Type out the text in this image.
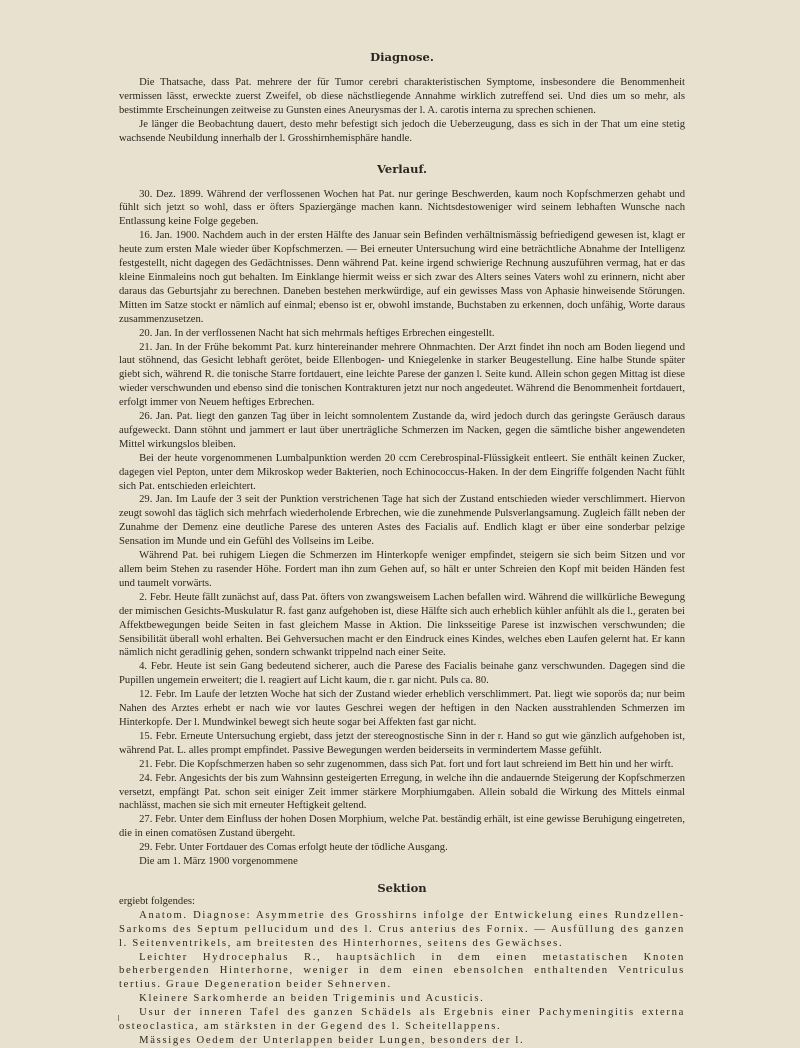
Diagnose.

Die Thatsache, dass Pat. mehrere der für Tumor cerebri charakteristischen Symptome, insbesondere die Benommenheit vermissen lässt, erweckte zuerst Zweifel, ob diese nächstliegende Annahme wirklich zutreffend sei. Und dies um so mehr, als bestimmte Erscheinungen zeitweise zu Gunsten eines Aneurysmas der l. A. carotis interna zu sprechen schienen.

Je länger die Beobachtung dauert, desto mehr befestigt sich jedoch die Ueberzeugung, dass es sich in der That um eine stetig wachsende Neubildung innerhalb der l. Grosshirnhemisphäre handle.

Verlauf.

30. Dez. 1899. Während der verflossenen Wochen hat Pat. nur geringe Beschwerden, kaum noch Kopfschmerzen gehabt und fühlt sich jetzt so wohl, dass er öfters Spaziergänge machen kann. Nichtsdestoweniger wird seinem lebhaften Wunsche nach Entlassung keine Folge gegeben.

16. Jan. 1900. Nachdem auch in der ersten Hälfte des Januar sein Befinden verhältnismässig befriedigend gewesen ist, klagt er heute zum ersten Male wieder über Kopfschmerzen. — Bei erneuter Untersuchung wird eine beträchtliche Abnahme der Intelligenz festgestellt, nicht dagegen des Gedächtnisses. Denn während Pat. keine irgend schwierige Rechnung auszuführen vermag, hat er das kleine Einmaleins noch gut behalten. Im Einklange hiermit weiss er sich zwar des Alters seines Vaters wohl zu erinnern, nicht aber daraus das Geburtsjahr zu berechnen. Daneben bestehen merkwürdige, auf ein gewisses Mass von Aphasie hinweisende Störungen. Mitten im Satze stockt er nämlich auf einmal; ebenso ist er, obwohl imstande, Buchstaben zu erkennen, doch unfähig, Worte daraus zusammenzusetzen.

20. Jan. In der verflossenen Nacht hat sich mehrmals heftiges Erbrechen eingestellt.

21. Jan. In der Frühe bekommt Pat. kurz hintereinander mehrere Ohnmachten. Der Arzt findet ihn noch am Boden liegend und laut stöhnend, das Gesicht lebhaft gerötet, beide Ellenbogen- und Kniegelenke in starker Beugestellung. Eine halbe Stunde später giebt sich, während R. die tonische Starre fortdauert, eine leichte Parese der ganzen l. Seite kund. Allein schon gegen Mittag ist diese wieder verschwunden und ebenso sind die tonischen Kontrakturen jetzt nur noch angedeutet. Während die Benommenheit fortdauert, erfolgt immer von Neuem heftiges Erbrechen.

26. Jan. Pat. liegt den ganzen Tag über in leicht somnolentem Zustande da, wird jedoch durch das geringste Geräusch daraus aufgeweckt. Dann stöhnt und jammert er laut über unerträgliche Schmerzen im Nacken, gegen die sämtliche bisher angewendeten Mittel wirkungslos bleiben.

Bei der heute vorgenommenen Lumbalpunktion werden 20 ccm Cerebrospinal-Flüssigkeit entleert. Sie enthält keinen Zucker, dagegen viel Pepton, unter dem Mikroskop weder Bakterien, noch Echinococcus-Haken. In der dem Eingriffe folgenden Nacht fühlt sich Pat. entschieden erleichtert.

29. Jan. Im Laufe der 3 seit der Punktion verstrichenen Tage hat sich der Zustand entschieden wieder verschlimmert. Hiervon zeugt sowohl das täglich sich mehrfach wiederholende Erbrechen, wie die zunehmende Pulsverlangsamung. Zugleich fällt neben der Zunahme der Demenz eine deutliche Parese des unteren Astes des Facialis auf. Endlich klagt er über eine sonderbar pelzige Sensation im Munde und ein Gefühl des Vollseins im Leibe.

Während Pat. bei ruhigem Liegen die Schmerzen im Hinterkopfe weniger empfindet, steigern sie sich beim Sitzen und vor allem beim Stehen zu rasender Höhe. Fordert man ihn zum Gehen auf, so hält er unter Schreien den Kopf mit beiden Händen fest und taumelt vorwärts.

2. Febr. Heute fällt zunächst auf, dass Pat. öfters von zwangsweisem Lachen befallen wird. Während die willkürliche Bewegung der mimischen Gesichts-Muskulatur R. fast ganz aufgehoben ist, diese Hälfte sich auch erheblich kühler anfühlt als die l., geraten bei Affektbewegungen beide Seiten in fast gleichem Masse in Aktion. Die linksseitige Parese ist inzwischen verschwunden; die Sensibilität überall wohl erhalten. Bei Gehversuchen macht er den Eindruck eines Kindes, welches eben Laufen gelernt hat. Er kann nämlich nicht geradlinig gehen, sondern schwankt trippelnd nach einer Seite.

4. Febr. Heute ist sein Gang bedeutend sicherer, auch die Parese des Facialis beinahe ganz verschwunden. Dagegen sind die Pupillen ungemein erweitert; die l. reagiert auf Licht kaum, die r. gar nicht. Puls ca. 80.

12. Febr. Im Laufe der letzten Woche hat sich der Zustand wieder erheblich verschlimmert. Pat. liegt wie soporös da; nur beim Nahen des Arztes erhebt er nach wie vor lautes Geschrei wegen der heftigen in den Nacken ausstrahlenden Schmerzen im Hinterkopfe. Der l. Mundwinkel bewegt sich heute sogar bei Affekten fast gar nicht.

15. Febr. Erneute Untersuchung ergiebt, dass jetzt der stereognostische Sinn in der r. Hand so gut wie gänzlich aufgehoben ist, während Pat. L. alles prompt empfindet. Passive Bewegungen werden beiderseits in vermindertem Masse gefühlt.

21. Febr. Die Kopfschmerzen haben so sehr zugenommen, dass sich Pat. fort und fort laut schreiend im Bett hin und her wirft.

24. Febr. Angesichts der bis zum Wahnsinn gesteigerten Erregung, in welche ihn die andauernde Steigerung der Kopfschmerzen versetzt, empfängt Pat. schon seit einiger Zeit immer stärkere Morphiumgaben. Allein sobald die Wirkung des Mittels einmal nachlässt, machen sie sich mit erneuter Heftigkeit geltend.

27. Febr. Unter dem Einfluss der hohen Dosen Morphium, welche Pat. beständig erhält, ist eine gewisse Beruhigung eingetreten, die in einen comatösen Zustand übergeht.

29. Febr. Unter Fortdauer des Comas erfolgt heute der tödliche Ausgang.

Die am 1. März 1900 vorgenommene

Sektion

ergiebt folgendes:

Anatom. Diagnose: Asymmetrie des Grosshirns infolge der Entwickelung eines Rundzellen-Sarkoms des Septum pellucidum und des l. Crus anterius des Fornix. — Ausfüllung des ganzen l. Seitenventrikels, am breitesten des Hinterhornes, seitens des Gewächses.

Leichter Hydrocephalus R., hauptsächlich in dem einen metastatischen Knoten beherbergenden Hinterhorne, weniger in dem einen ebensolchen enthaltenden Ventriculus tertius. Graue Degeneration beider Sehnerven.

Kleinere Sarkomherde an beiden Trigeminis und Acusticis.

Usur der inneren Tafel des ganzen Schädels als Ergebnis einer Pachymeningitis externa osteoclastica, am stärksten in der Gegend des l. Scheitellappens.

Mässiges Oedem der Unterlappen beider Lungen, besonders der l.
